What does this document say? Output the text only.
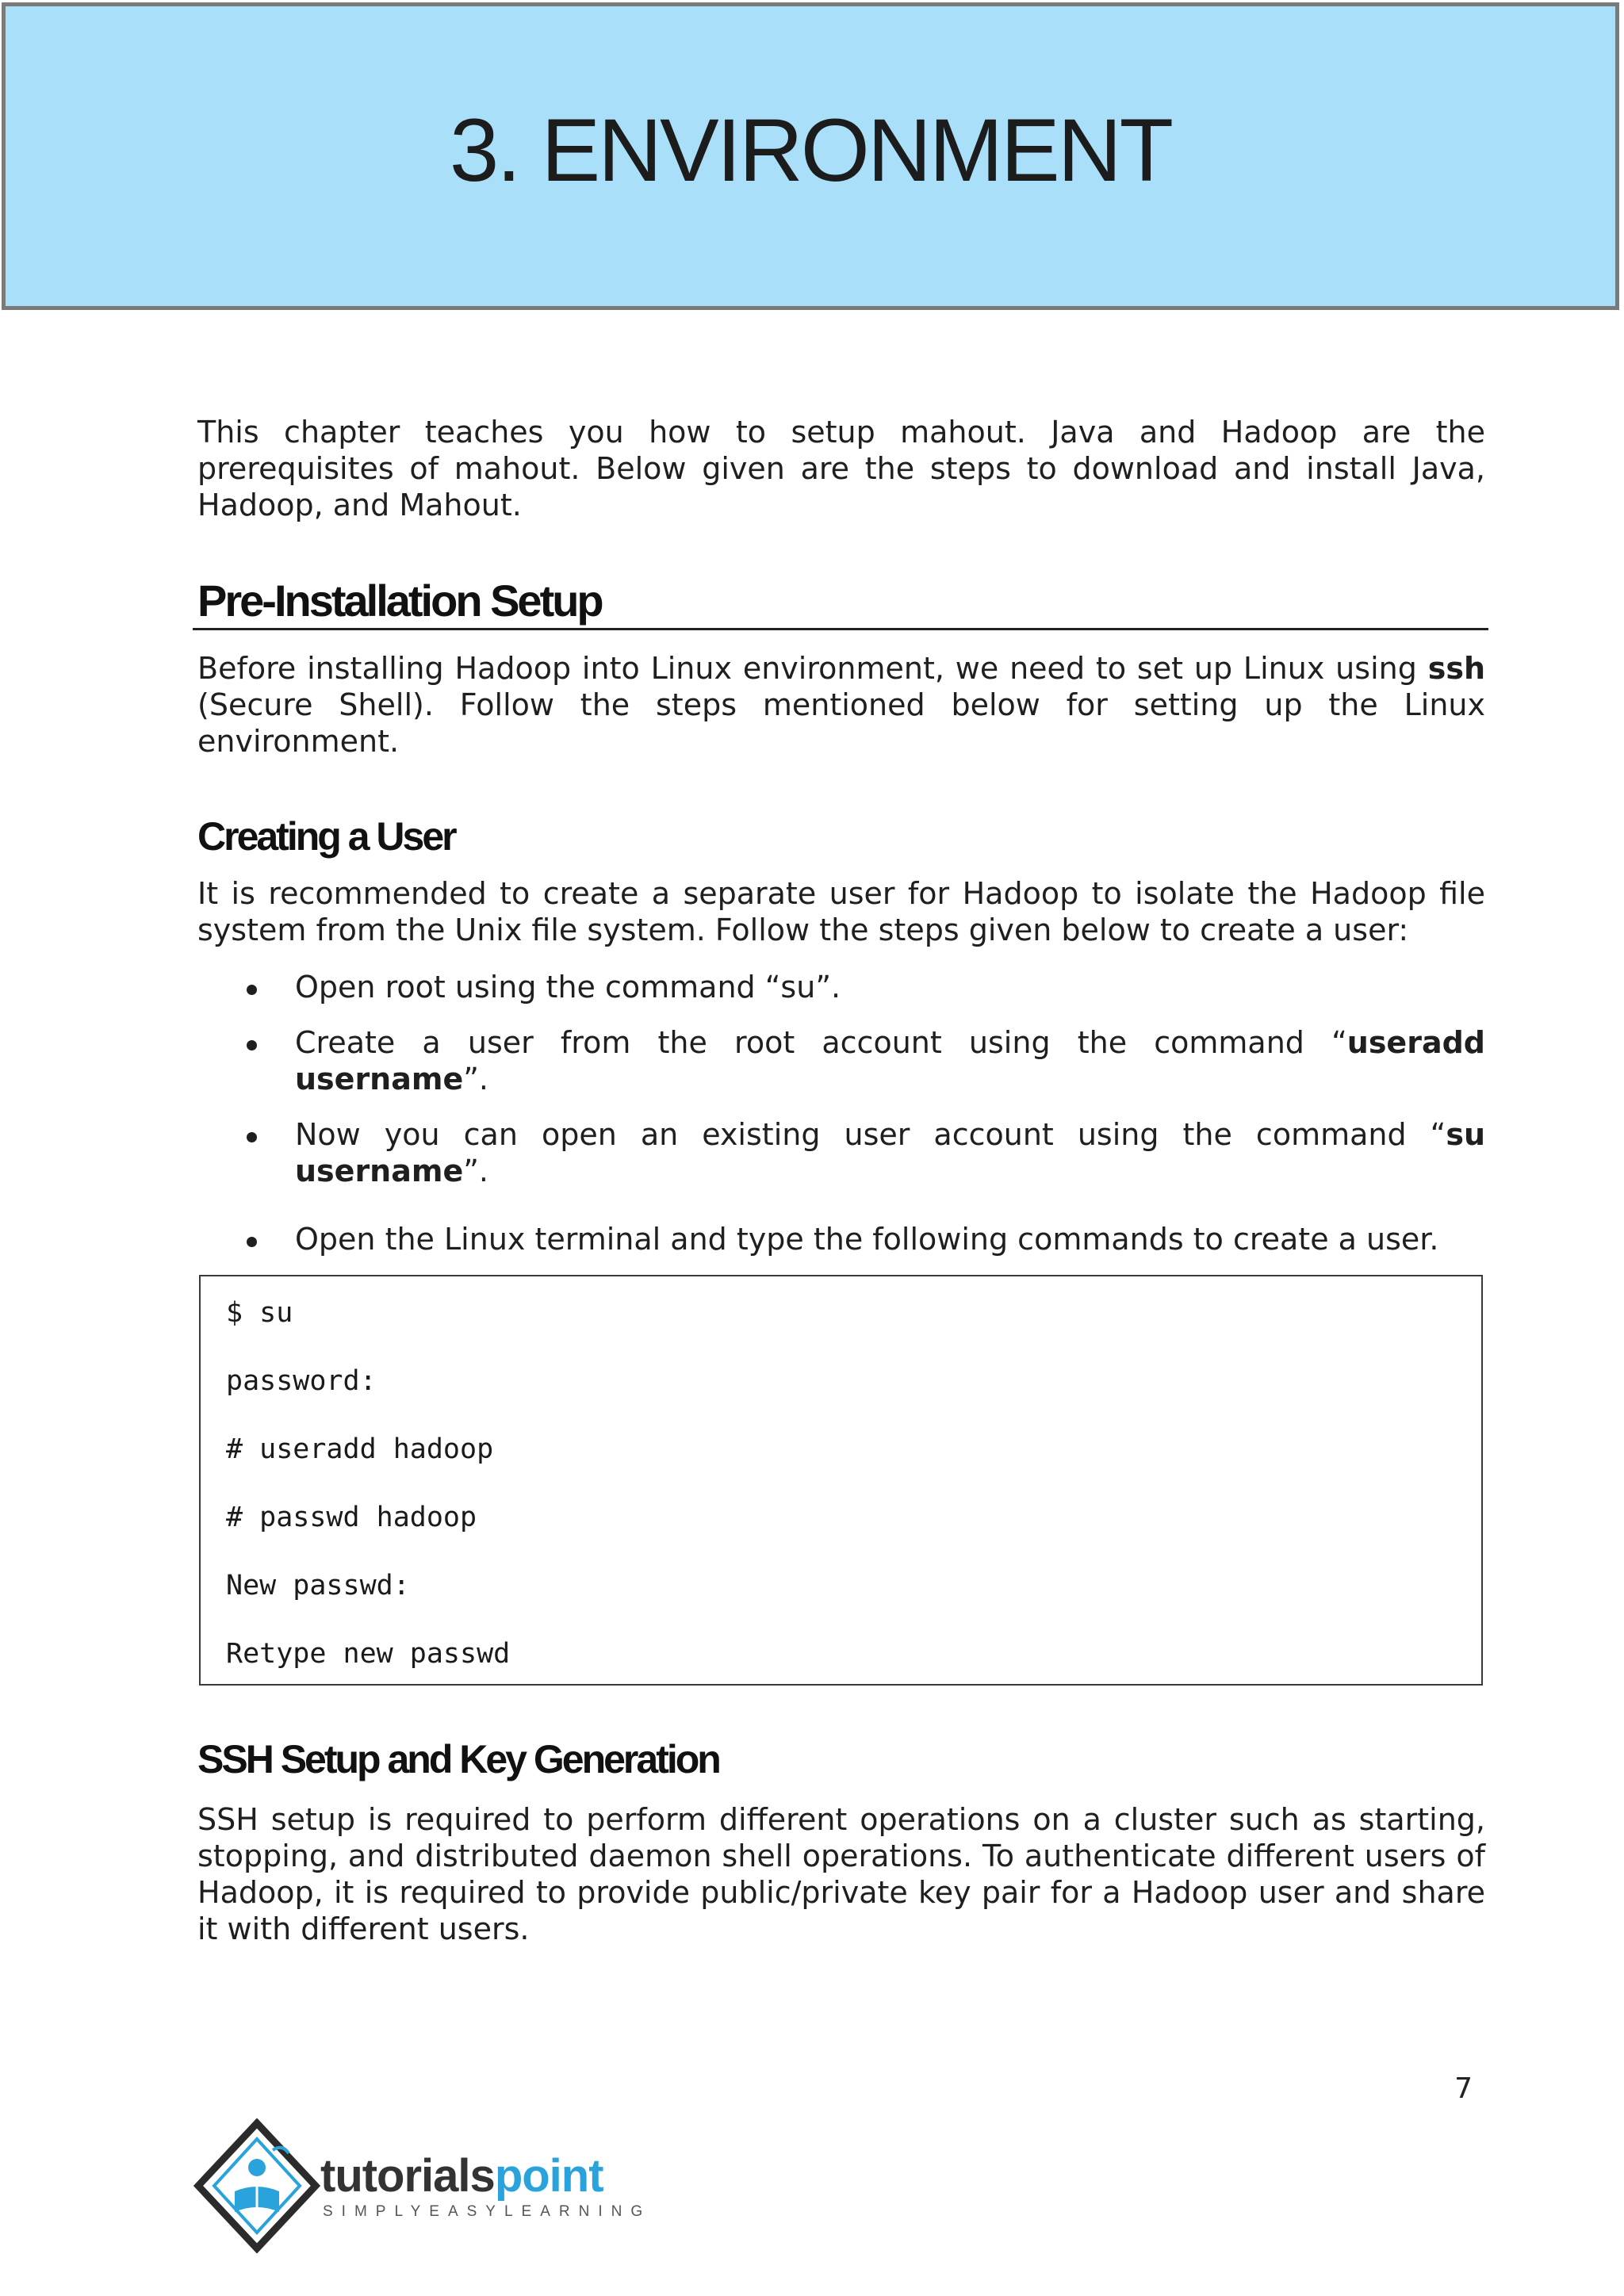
3. ENVIRONMENT

This chapter teaches you how to setup mahout. Java and Hadoop are the prerequisites of mahout. Below given are the steps to download and install Java, Hadoop, and Mahout.

Pre-Installation Setup

Before installing Hadoop into Linux environment, we need to set up Linux using ssh (Secure Shell). Follow the steps mentioned below for setting up the Linux environment.

Creating a User

It is recommended to create a separate user for Hadoop to isolate the Hadoop file system from the Unix file system. Follow the steps given below to create a user:

Open root using the command “su”.
Create a user from the root account using the command “useradd username”.
Now you can open an existing user account using the command “su username”.
Open the Linux terminal and type the following commands to create a user.
$ su
password:
# useradd hadoop
# passwd hadoop
New passwd:
Retype new passwd
SSH Setup and Key Generation

SSH setup is required to perform different operations on a cluster such as starting, stopping, and distributed daemon shell operations. To authenticate different users of Hadoop, it is required to provide public/private key pair for a Hadoop user and share it with different users.

7
tutorialspoint
SIMPLYEASYLEARNING
